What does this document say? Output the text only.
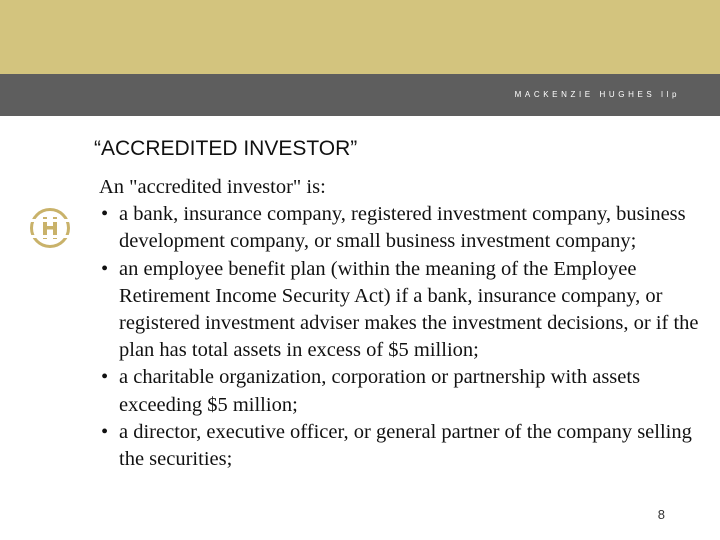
MACKENZIE HUGHES llp
“ACCREDITED INVESTOR”

An "accredited investor" is:

• a bank, insurance company, registered investment company, business development company, or small business investment company;
• an employee benefit plan (within the meaning of the Employee Retirement Income Security Act) if a bank, insurance company, or registered investment adviser makes the investment decisions, or if the plan has total assets in excess of $5 million;
• a charitable organization, corporation or partnership with assets exceeding $5 million;
• a director, executive officer, or general partner of the company selling the securities;
8
